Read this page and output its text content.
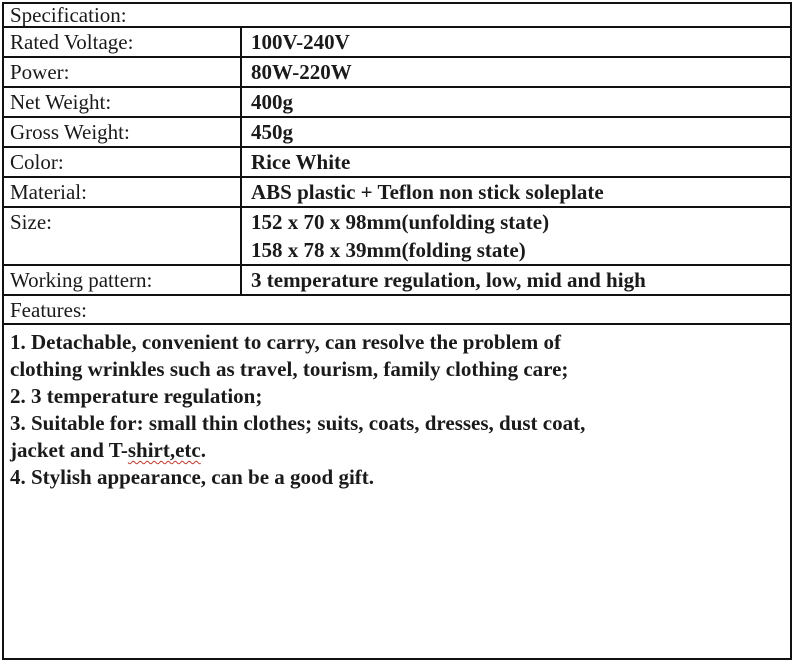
Specification:
Rated Voltage:	100V-240V
Power:	80W-220W
Net Weight:	400g
Gross Weight:	450g
Color:	Rice White
Material:	ABS plastic + Teflon non stick soleplate
Size:	152 x 70 x 98mm(unfolding state)
158 x 78 x 39mm(folding state)
Working pattern:	3 temperature regulation, low, mid and high
Features:
1. Detachable, convenient to carry, can resolve the problem of
clothing wrinkles such as travel, tourism, family clothing care;
2. 3 temperature regulation;
3. Suitable for: small thin clothes; suits, coats, dresses, dust coat,
jacket and T-shirt,etc.
4. Stylish appearance, can be a good gift.
